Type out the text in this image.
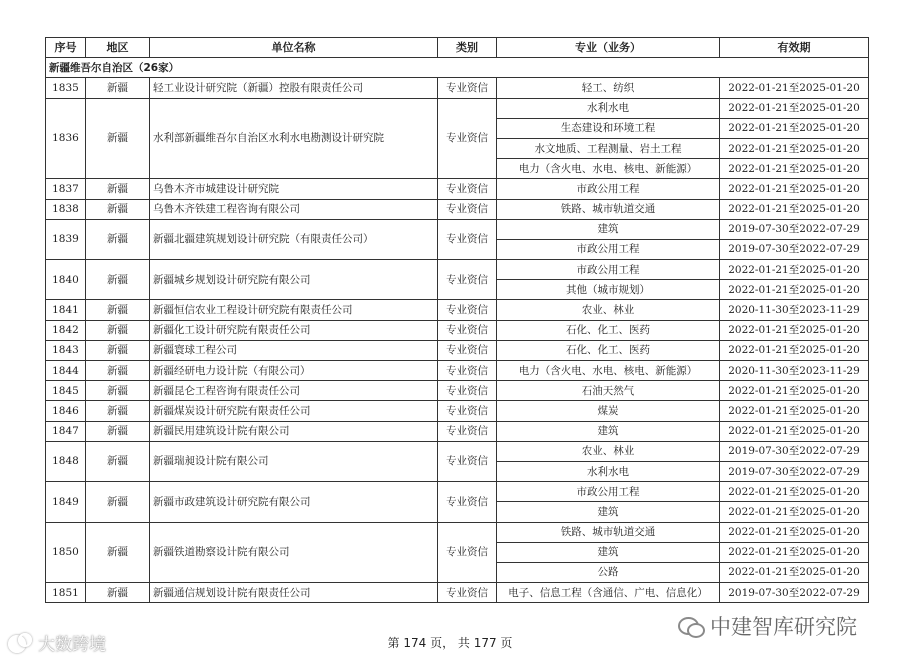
序号	地区	单位名称	类别	专业（业务）	有效期
新疆维吾尔自治区（26家）					
1835	新疆	轻工业设计研究院（新疆）控股有限责任公司	专业资信	轻工、纺织	2022-01-21至2025-01-20
1836	新疆	水利部新疆维吾尔自治区水利水电勘测设计研究院	专业资信	水利水电	2022-01-21至2025-01-20
				生态建设和环境工程	2022-01-21至2025-01-20
				水文地质、工程测量、岩土工程	2022-01-21至2025-01-20
				电力（含火电、水电、核电、新能源）	2022-01-21至2025-01-20
1837	新疆	乌鲁木齐市城建设计研究院	专业资信	市政公用工程	2022-01-21至2025-01-20
1838	新疆	乌鲁木齐铁建工程咨询有限公司	专业资信	铁路、城市轨道交通	2022-01-21至2025-01-20
1839	新疆	新疆北疆建筑规划设计研究院（有限责任公司）	专业资信	建筑	2019-07-30至2022-07-29
				市政公用工程	2019-07-30至2022-07-29
1840	新疆	新疆城乡规划设计研究院有限公司	专业资信	市政公用工程	2022-01-21至2025-01-20
				其他（城市规划）	2022-01-21至2025-01-20
1841	新疆	新疆恒信农业工程设计研究院有限责任公司	专业资信	农业、林业	2020-11-30至2023-11-29
1842	新疆	新疆化工设计研究院有限责任公司	专业资信	石化、化工、医药	2022-01-21至2025-01-20
1843	新疆	新疆寰球工程公司	专业资信	石化、化工、医药	2022-01-21至2025-01-20
1844	新疆	新疆经研电力设计院（有限公司）	专业资信	电力（含火电、水电、核电、新能源）	2020-11-30至2023-11-29
1845	新疆	新疆昆仑工程咨询有限责任公司	专业资信	石油天然气	2022-01-21至2025-01-20
1846	新疆	新疆煤炭设计研究院有限责任公司	专业资信	煤炭	2022-01-21至2025-01-20
1847	新疆	新疆民用建筑设计院有限公司	专业资信	建筑	2022-01-21至2025-01-20
1848	新疆	新疆瑞昶设计院有限公司	专业资信	农业、林业	2019-07-30至2022-07-29
				水利水电	2019-07-30至2022-07-29
1849	新疆	新疆市政建筑设计研究院有限公司	专业资信	市政公用工程	2022-01-21至2025-01-20
				建筑	2022-01-21至2025-01-20
1850	新疆	新疆铁道勘察设计院有限公司	专业资信	铁路、城市轨道交通	2022-01-21至2025-01-20
				建筑	2022-01-21至2025-01-20
				公路	2022-01-21至2025-01-20
1851	新疆	新疆通信规划设计院有限责任公司	专业资信	电子、信息工程（含通信、广电、信息化）	2019-07-30至2022-07-29
大数跨境	第 174 页， 共 177 页
中建智库研究院
